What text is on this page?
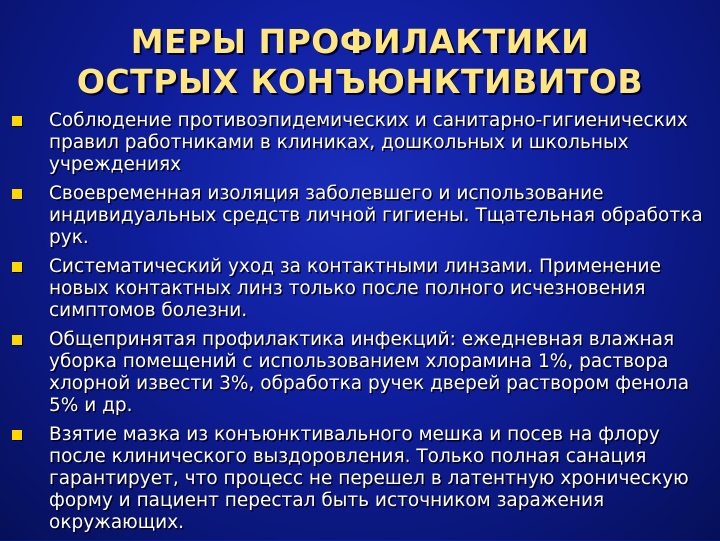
МЕРЫ ПРОФИЛАКТИКИ
ОСТРЫХ КОНЪЮНКТИВИТОВ
Соблюдение противоэпидемических и санитарно-гигиенических правил работниками в клиниках, дошкольных и школьных учреждениях
Своевременная изоляция заболевшего и использование индивидуальных средств личной гигиены. Тщательная обработка рук.
Систематический уход за контактными линзами. Применение новых контактных линз только после полного исчезновения симптомов болезни.
Общепринятая профилактика инфекций: ежедневная влажная уборка помещений с использованием хлорамина 1%, раствора хлорной извести 3%, обработка ручек дверей раствором фенола 5% и др.
Взятие мазка из конъюнктивального мешка и посев на флору после клинического выздоровления. Только полная санация гарантирует, что процесс не перешел в латентную хроническую форму и пациент перестал быть источником заражения окружающих.
